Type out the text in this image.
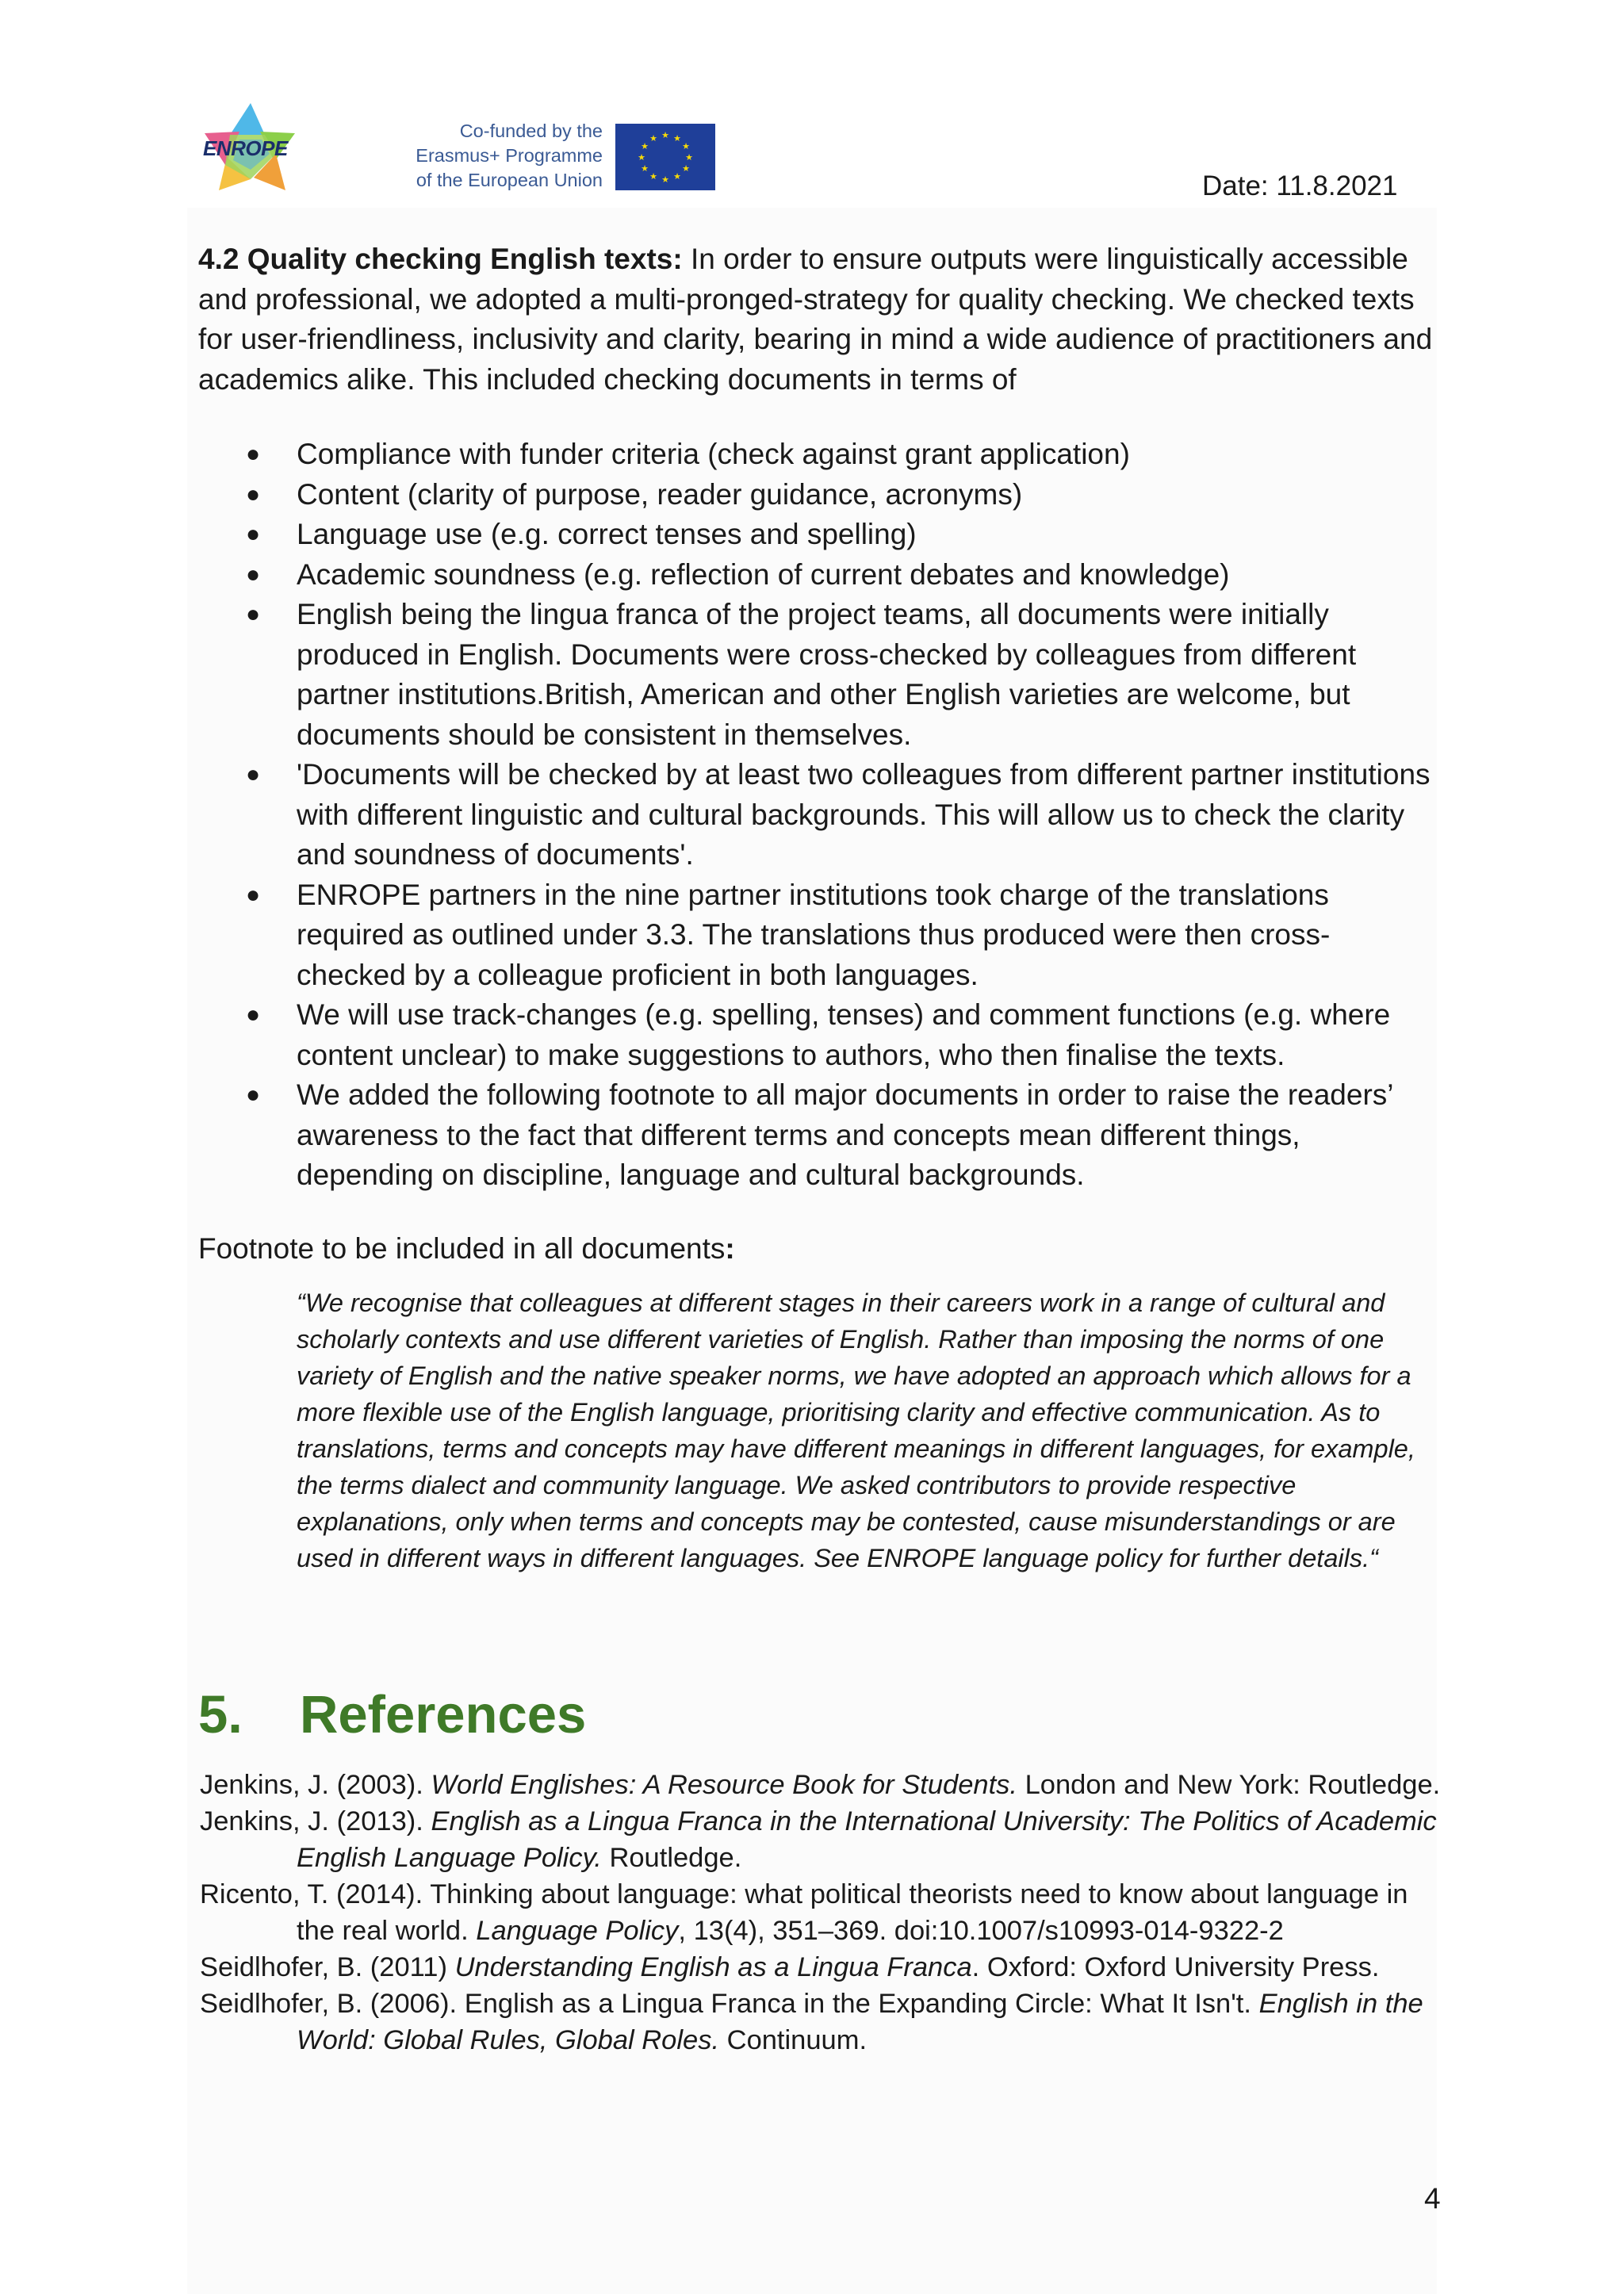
ENROPE
Co-funded by the
Erasmus+ Programme
of the European Union
★ ★
★
★
★
★
★
★
★
★
★
★
Date: 11.8.2021

4.2 Quality checking English texts: In order to ensure outputs were linguistically accessible and professional, we adopted a multi-pronged-strategy for quality checking. We checked texts for user-friendliness, inclusivity and clarity, bearing in mind a wide audience of practitioners and academics alike. This included checking documents in terms of

● Compliance with funder criteria (check against grant application)
● Content (clarity of purpose, reader guidance, acronyms)
● Language use (e.g. correct tenses and spelling)
● Academic soundness (e.g. reflection of current debates and knowledge)
● English being the lingua franca of the project teams, all documents were initially produced in English. Documents were cross-checked by colleagues from different partner institutions.British, American and other English varieties are welcome, but documents should be consistent in themselves.
● 'Documents will be checked by at least two colleagues from different partner institutions with different linguistic and cultural backgrounds. This will allow us to check the clarity and soundness of documents'.
● ENROPE partners in the nine partner institutions took charge of the translations required as outlined under 3.3. The translations thus produced were then cross-checked by a colleague proficient in both languages.
● We will use track-changes (e.g. spelling, tenses) and comment functions (e.g. where content unclear) to make suggestions to authors, who then finalise the texts.
● We added the following footnote to all major documents in order to raise the readers’ awareness to the fact that different terms and concepts mean different things, depending on discipline, language and cultural backgrounds.
Footnote to be included in all documents:

“We recognise that colleagues at different stages in their careers work in a range of cultural and scholarly contexts and use different varieties of English. Rather than imposing the norms of one variety of English and the native speaker norms, we have adopted an approach which allows for a more flexible use of the English language, prioritising clarity and effective communication. As to translations, terms and concepts may have different meanings in different languages, for example, the terms dialect and community language. We asked contributors to provide respective explanations, only when terms and concepts may be contested, cause misunderstandings or are used in different ways in different languages. See ENROPE language policy for further details.“

5. References

Jenkins, J. (2003). World Englishes: A Resource Book for Students. London and New York: Routledge.

Jenkins, J. (2013). English as a Lingua Franca in the International University: The Politics of Academic English Language Policy. Routledge.

Ricento, T. (2014). Thinking about language: what political theorists need to know about language in the real world. Language Policy, 13(4), 351–369. doi:10.1007/s10993-014-9322-2

Seidlhofer, B. (2011) Understanding English as a Lingua Franca. Oxford: Oxford University Press.

Seidlhofer, B. (2006). English as a Lingua Franca in the Expanding Circle: What It Isn't. English in the World: Global Rules, Global Roles. Continuum.

4
